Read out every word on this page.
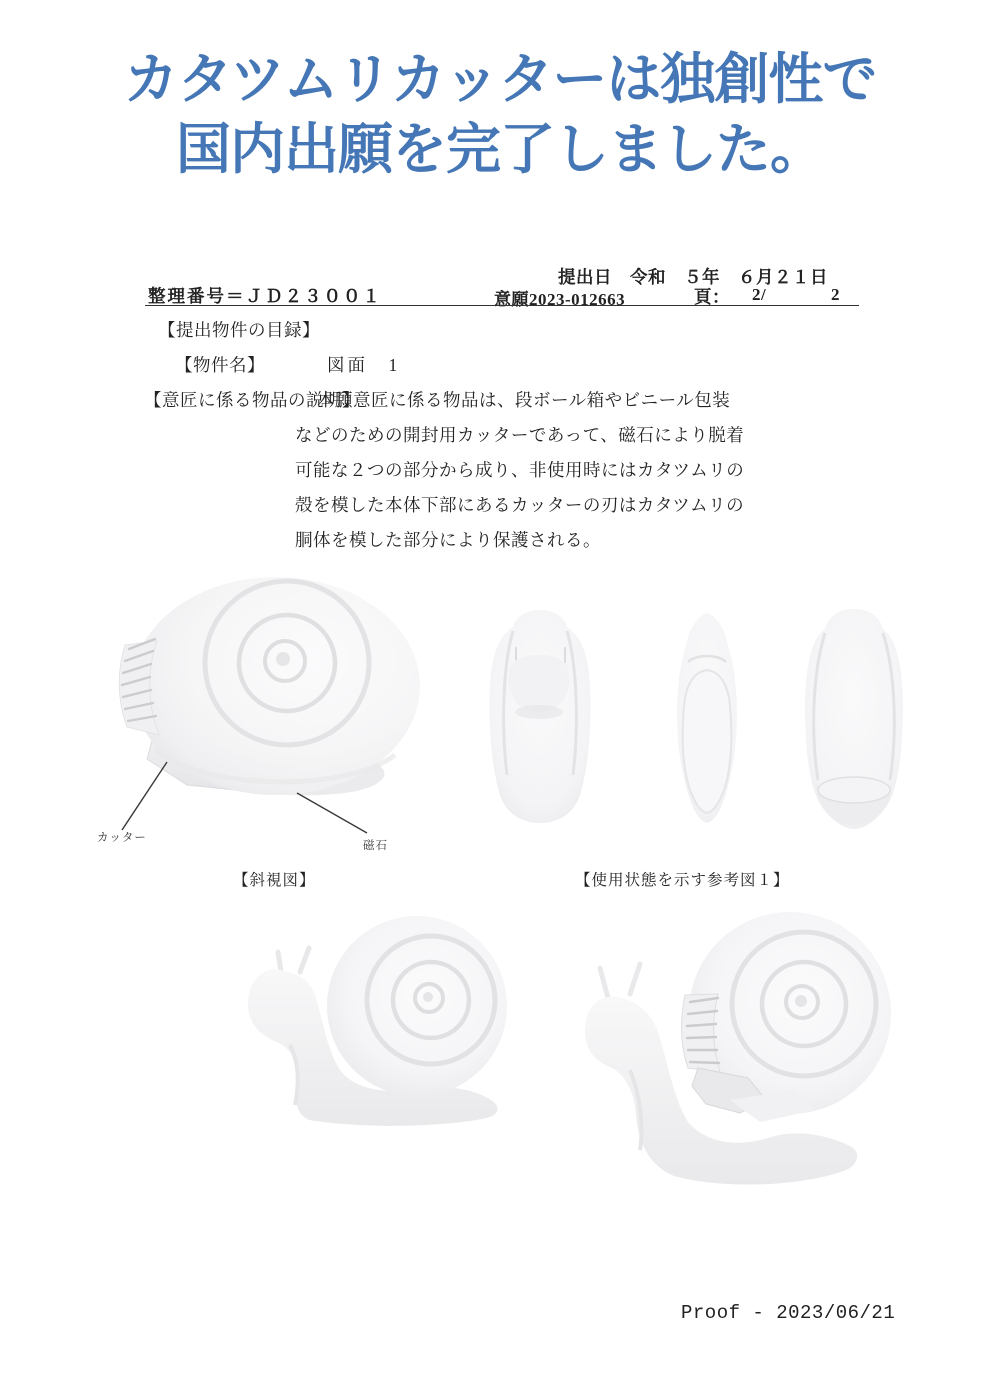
カタツムリカッターは独創性で
国内出願を完了しました。
提出日　令和　５年　６月２１日
整理番号＝ＪＤ２３００１	意願2023-012663	頁： 2/	2
【提出物件の目録】
【物件名】	図面　1
【意匠に係る物品の説明】
本願意匠に係る物品は、段ボール箱やビニール包装
などのための開封用カッターであって、磁石により脱着
可能な２つの部分から成り、非使用時にはカタツムリの
殻を模した本体下部にあるカッターの刃はカタツムリの
胴体を模した部分により保護される。
カッター
磁石
【斜視図】	【使用状態を示す参考図１】
Proof - 2023/06/21
